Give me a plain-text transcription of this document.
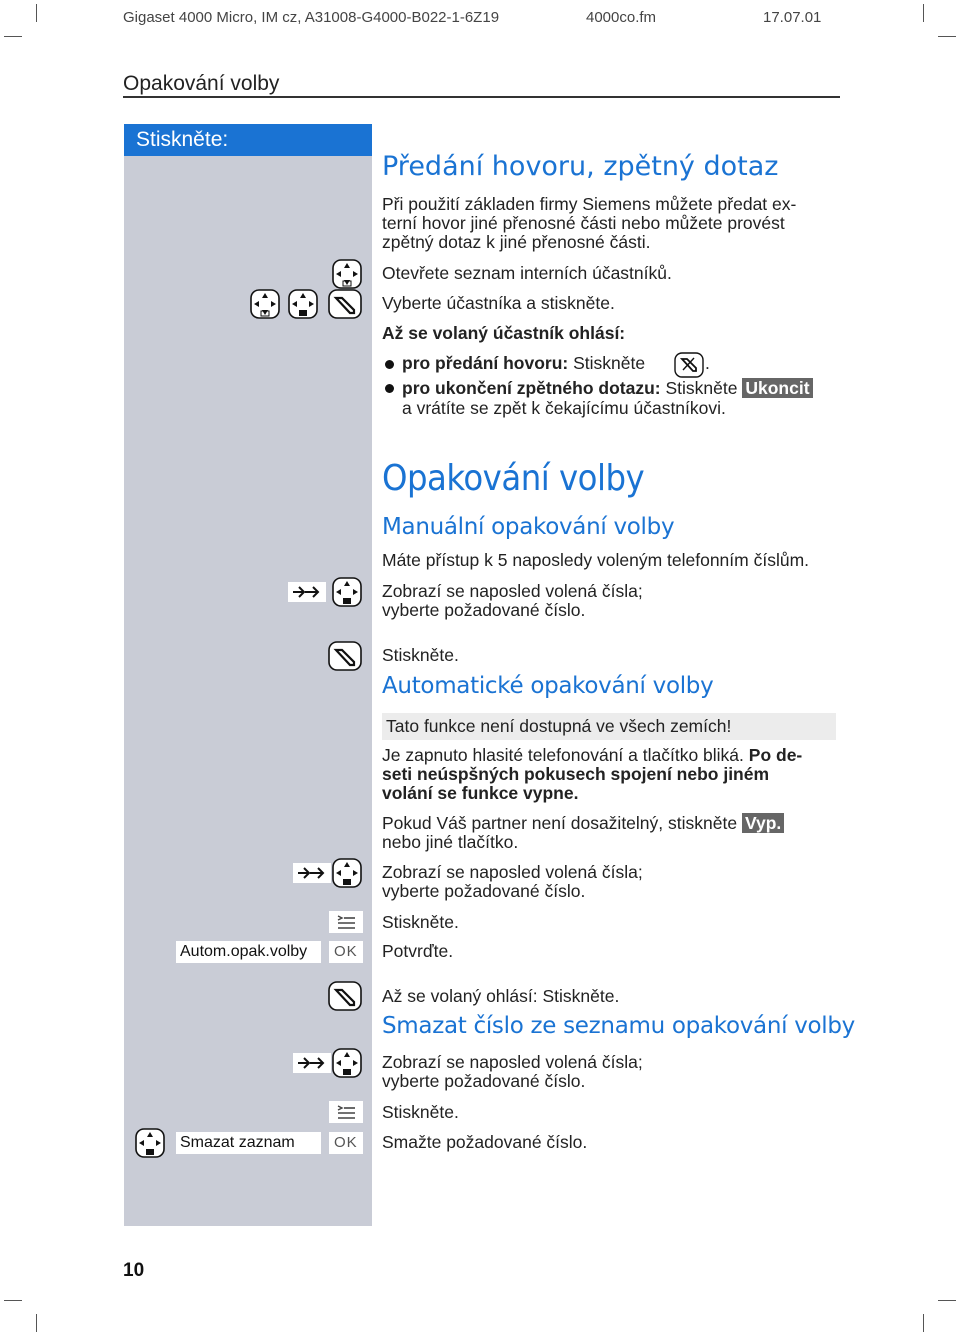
Gigaset 4000 Micro, IM cz, A31008-G4000-B022-1-6Z19	4000co.fm	17.07.01
Opakování volby
Stiskněte:
Předání hovoru, zpětný dotaz
Při použití základen firmy Siemens můžete předat ex-
terní hovor jiné přenosné části nebo můžete provést
zpětný dotaz k jiné přenosné části.
Otevřete seznam interních účastníků.
Vyberte účastníka a stiskněte.
Až se volaný účastník ohlásí:
pro předání hovoru: Stiskněte	.
pro ukončení zpětného dotazu: Stiskněte Ukoncit
a vrátíte se zpět k čekajícímu účastníkovi.
Opakování volby
Manuální opakování volby
Máte přístup k 5 naposledy voleným telefonním číslům.
Zobrazí se naposled volená čísla;
vyberte požadované číslo.
Stiskněte.
Automatické opakování volby
Tato funkce není dostupná ve všech zemích!
Je zapnuto hlasité telefonování a tlačítko bliká. Po de-
seti neúspšných pokusech spojení nebo jiném
volání se funkce vypne.
Pokud Váš partner není dosažitelný, stiskněte Vyp.
nebo jiné tlačítko.
Zobrazí se naposled volená čísla;
vyberte požadované číslo.
Stiskněte.
Autom.opak.volby	OK Potvrďte.
Až se volaný ohlásí: Stiskněte.
Smazat číslo ze seznamu opakování volby
Zobrazí se naposled volená čísla;
vyberte požadované číslo.
Stiskněte.
Smazat zaznam	OK Smažte požadované číslo.
10
